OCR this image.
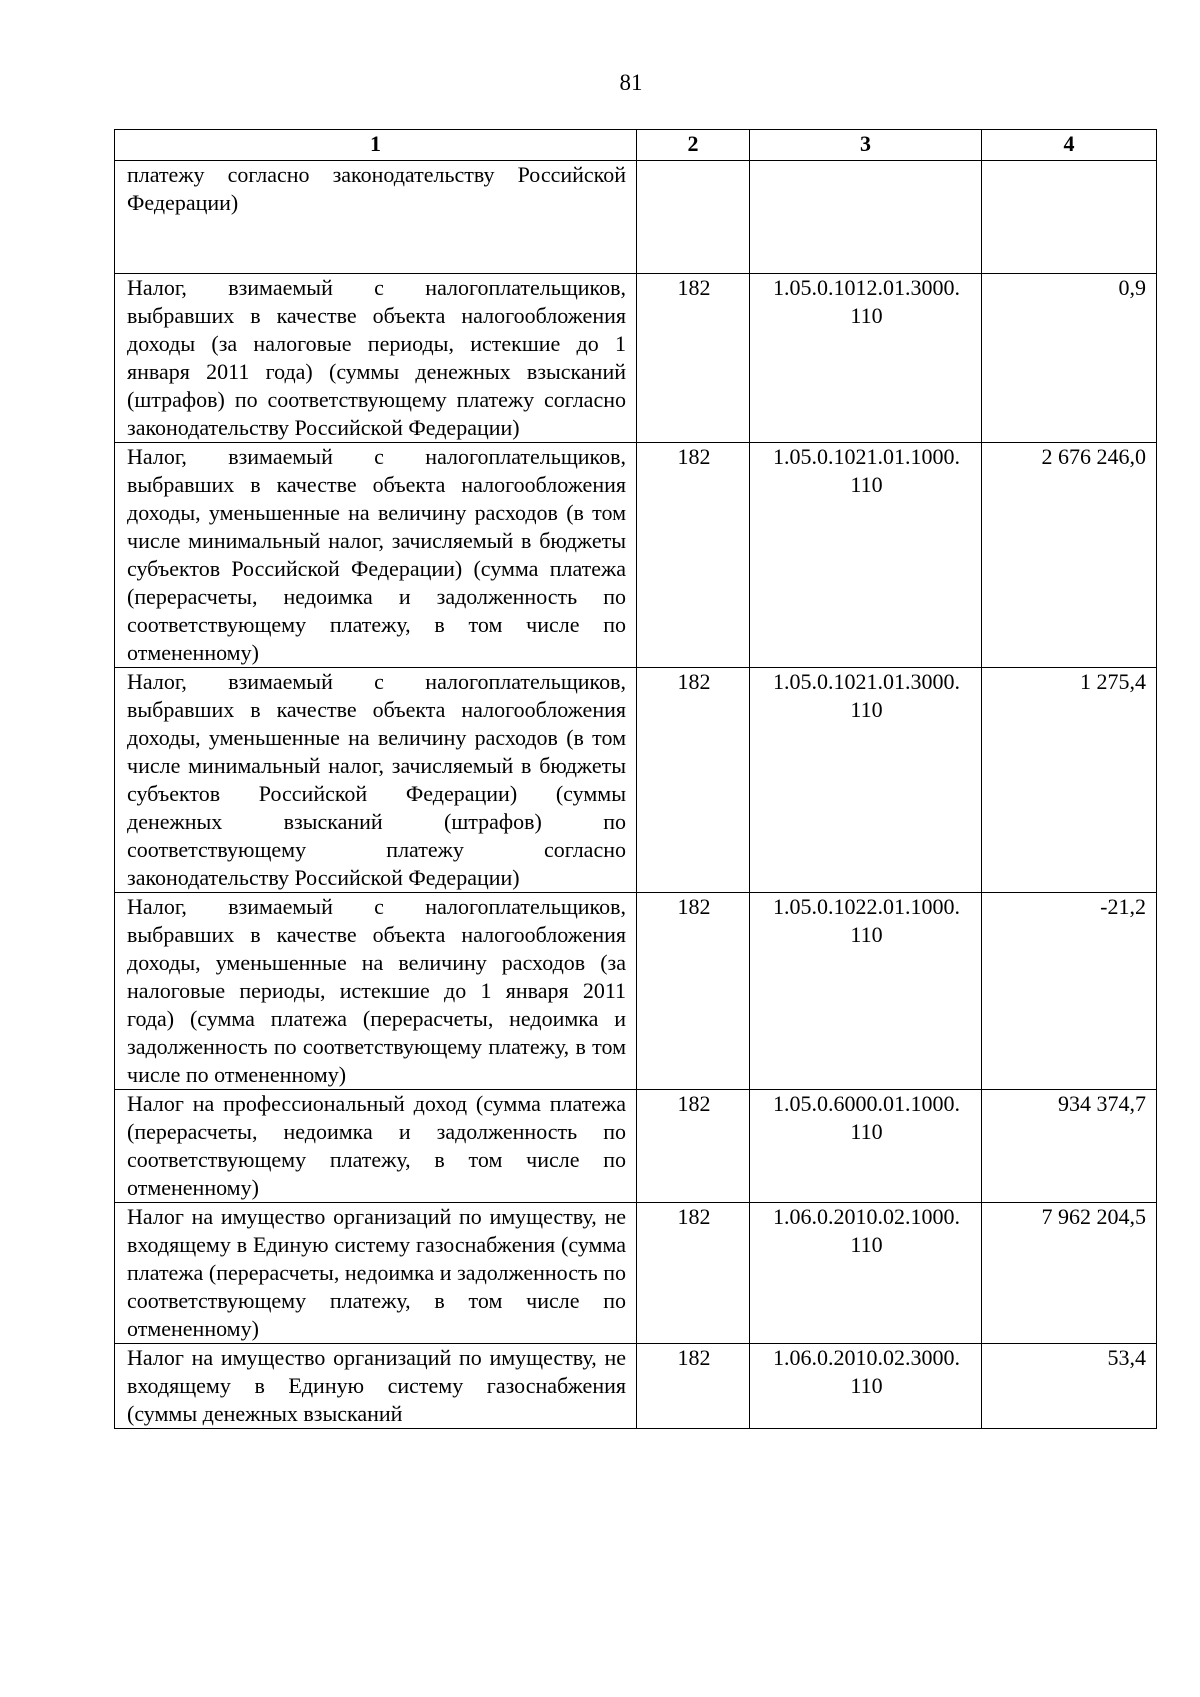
81
1	2	3	4
платежу согласно законодательству Российской Федерации)			
Налог, взимаемый с налогоплательщиков, выбравших в качестве объекта налогообложения доходы (за налоговые периоды, истекшие до 1 января 2011 года) (суммы денежных взысканий (штрафов) по соответствующему платежу согласно законодательству Российской Федерации)	182	1.05.0.1012.01.3000. 110	0,9
Налог, взимаемый с налогоплательщиков, выбравших в качестве объекта налогообложения доходы, уменьшенные на величину расходов (в том числе минимальный налог, зачисляемый в бюджеты субъектов Российской Федерации) (сумма платежа (перерасчеты, недоимка и задолженность по соответствующему платежу, в том числе по отмененному)	182	1.05.0.1021.01.1000. 110	2 676 246,0
Налог, взимаемый с налогоплательщиков, выбравших в качестве объекта налогообложения доходы, уменьшенные на величину расходов (в том числе минимальный налог, зачисляемый в бюджеты субъектов Российской Федерации) (суммы денежных взысканий (штрафов) по соответствующему платежу согласно законодательству Российской Федерации)	182	1.05.0.1021.01.3000. 110	1 275,4
Налог, взимаемый с налогоплательщиков, выбравших в качестве объекта налогообложения доходы, уменьшенные на величину расходов (за налоговые периоды, истекшие до 1 января 2011 года) (сумма платежа (перерасчеты, недоимка и задолженность по соответствующему платежу, в том числе по отмененному)	182	1.05.0.1022.01.1000. 110	-21,2
Налог на профессиональный доход (сумма платежа (перерасчеты, недоимка и задолженность по соответствующему платежу, в том числе по отмененному)	182	1.05.0.6000.01.1000. 110	934 374,7
Налог на имущество организаций по имуществу, не входящему в Единую систему газоснабжения (сумма платежа (перерасчеты, недоимка и задолженность по соответствующему платежу, в том числе по отмененному)	182	1.06.0.2010.02.1000. 110	7 962 204,5
Налог на имущество организаций по имуществу, не входящему в Единую систему газоснабжения (суммы денежных взысканий	182	1.06.0.2010.02.3000. 110	53,4
